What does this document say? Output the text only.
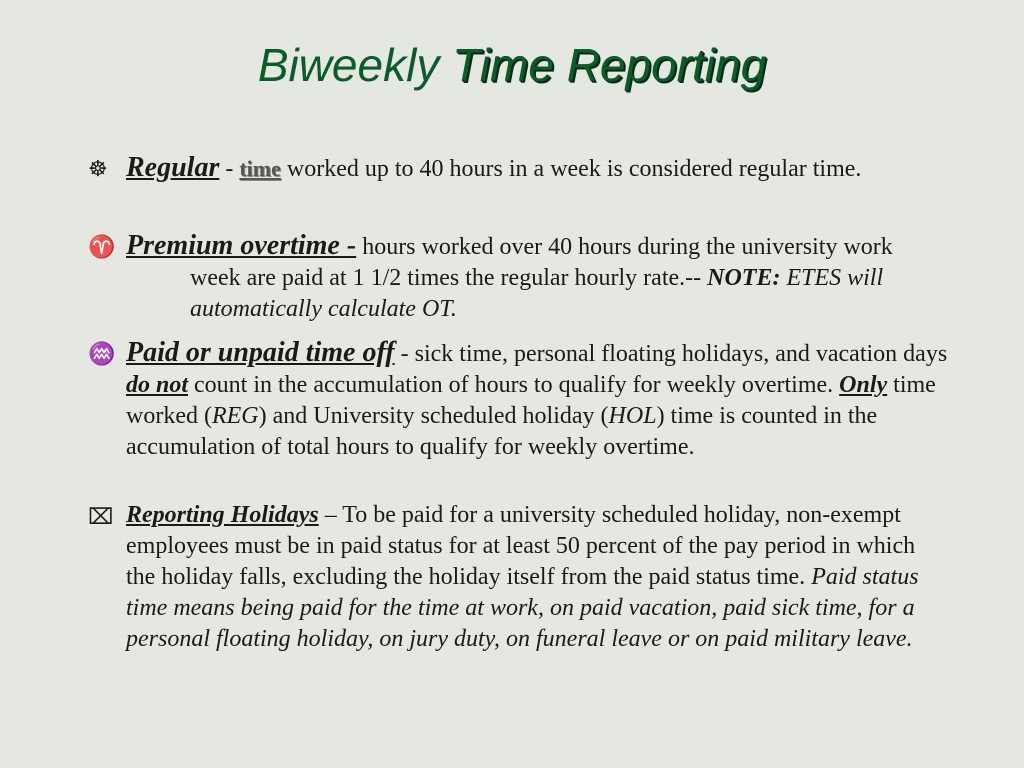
Biweekly Time Reporting
☸ Regular - time worked up to 40 hours in a week is considered regular time.
♈ Premium overtime - hours worked over 40 hours during the university work week are paid at 1 1/2 times the regular hourly rate.-- NOTE: ETES will automatically calculate OT.
♒ Paid or unpaid time off - sick time, personal floating holidays, and vacation days do not count in the accumulation of hours to qualify for weekly overtime. Only time worked (REG) and University scheduled holiday (HOL) time is counted in the accumulation of total hours to qualify for weekly overtime.
⌧ Reporting Holidays – To be paid for a university scheduled holiday, non-exempt employees must be in paid status for at least 50 percent of the pay period in which the holiday falls, excluding the holiday itself from the paid status time. Paid status time means being paid for the time at work, on paid vacation, paid sick time, for a personal floating holiday, on jury duty, on funeral leave or on paid military leave.
